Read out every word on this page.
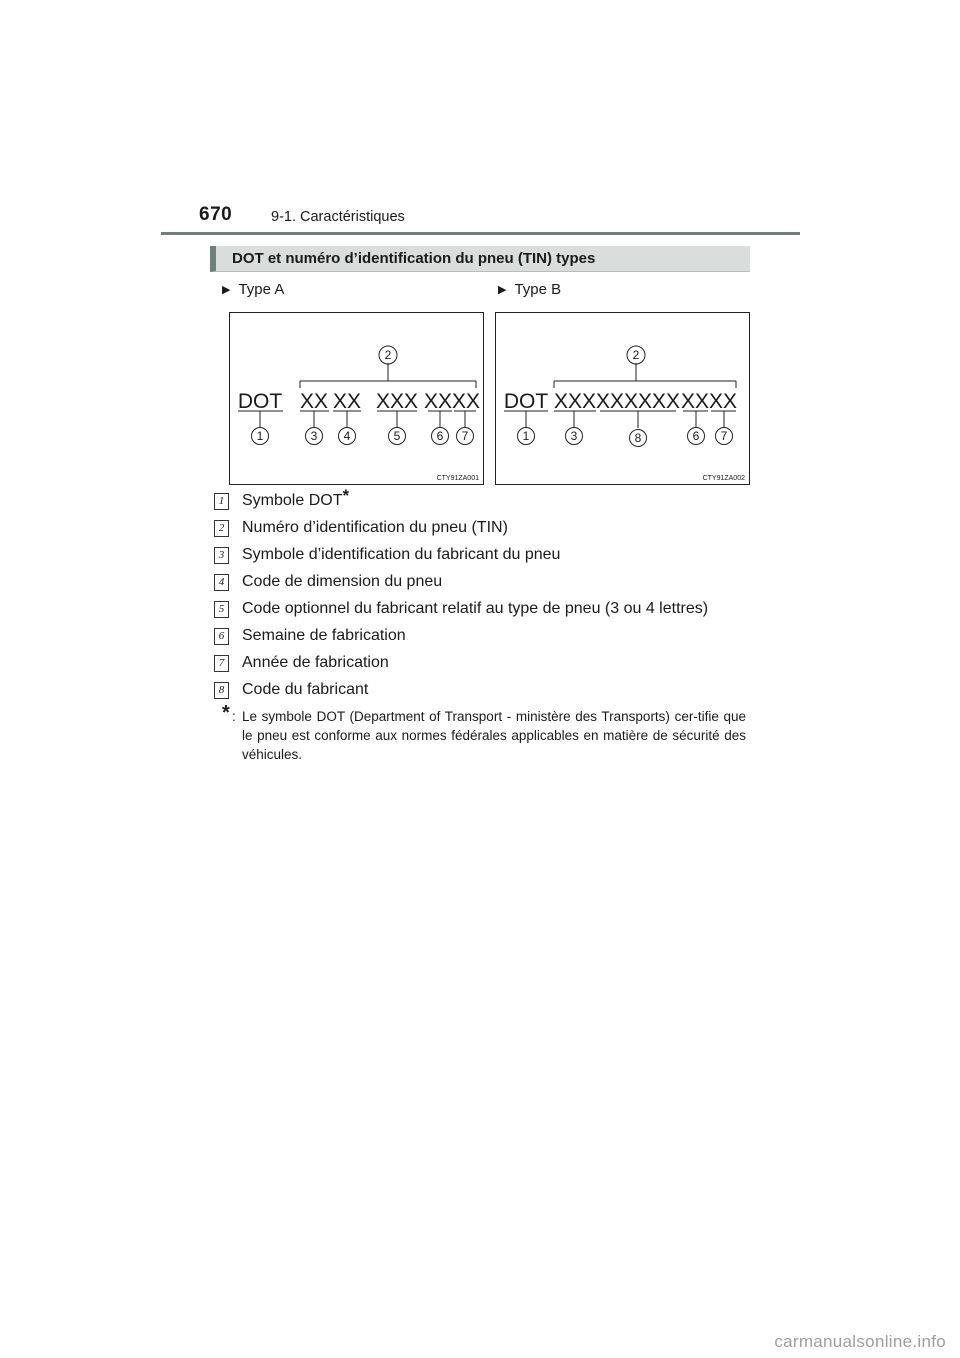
670	9-1. Caractéristiques
DOT et numéro d’identification du pneu (TIN) types
▶ Type A	▶ Type B
DOT XX XX XXX XXXX
2
1	3 4	5	6 7
CTY91ZA001
DOT XXX XXXXXX XXXX
2
1	3	8	6 7
CTY91ZA002
1 Symbole DOT*
2 Numéro d’identification du pneu (TIN)
3 Symbole d’identification du fabricant du pneu
4 Code de dimension du pneu
5 Code optionnel du fabricant relatif au type de pneu (3 ou 4 lettres)
6 Semaine de fabrication
7 Année de fabrication
8 Code du fabricant
* : Le symbole DOT (Department of Transport - ministère des Transports) cer-tifie que le pneu est conforme aux normes fédérales applicables en matière de sécurité des véhicules.
carmanualsonline.info
